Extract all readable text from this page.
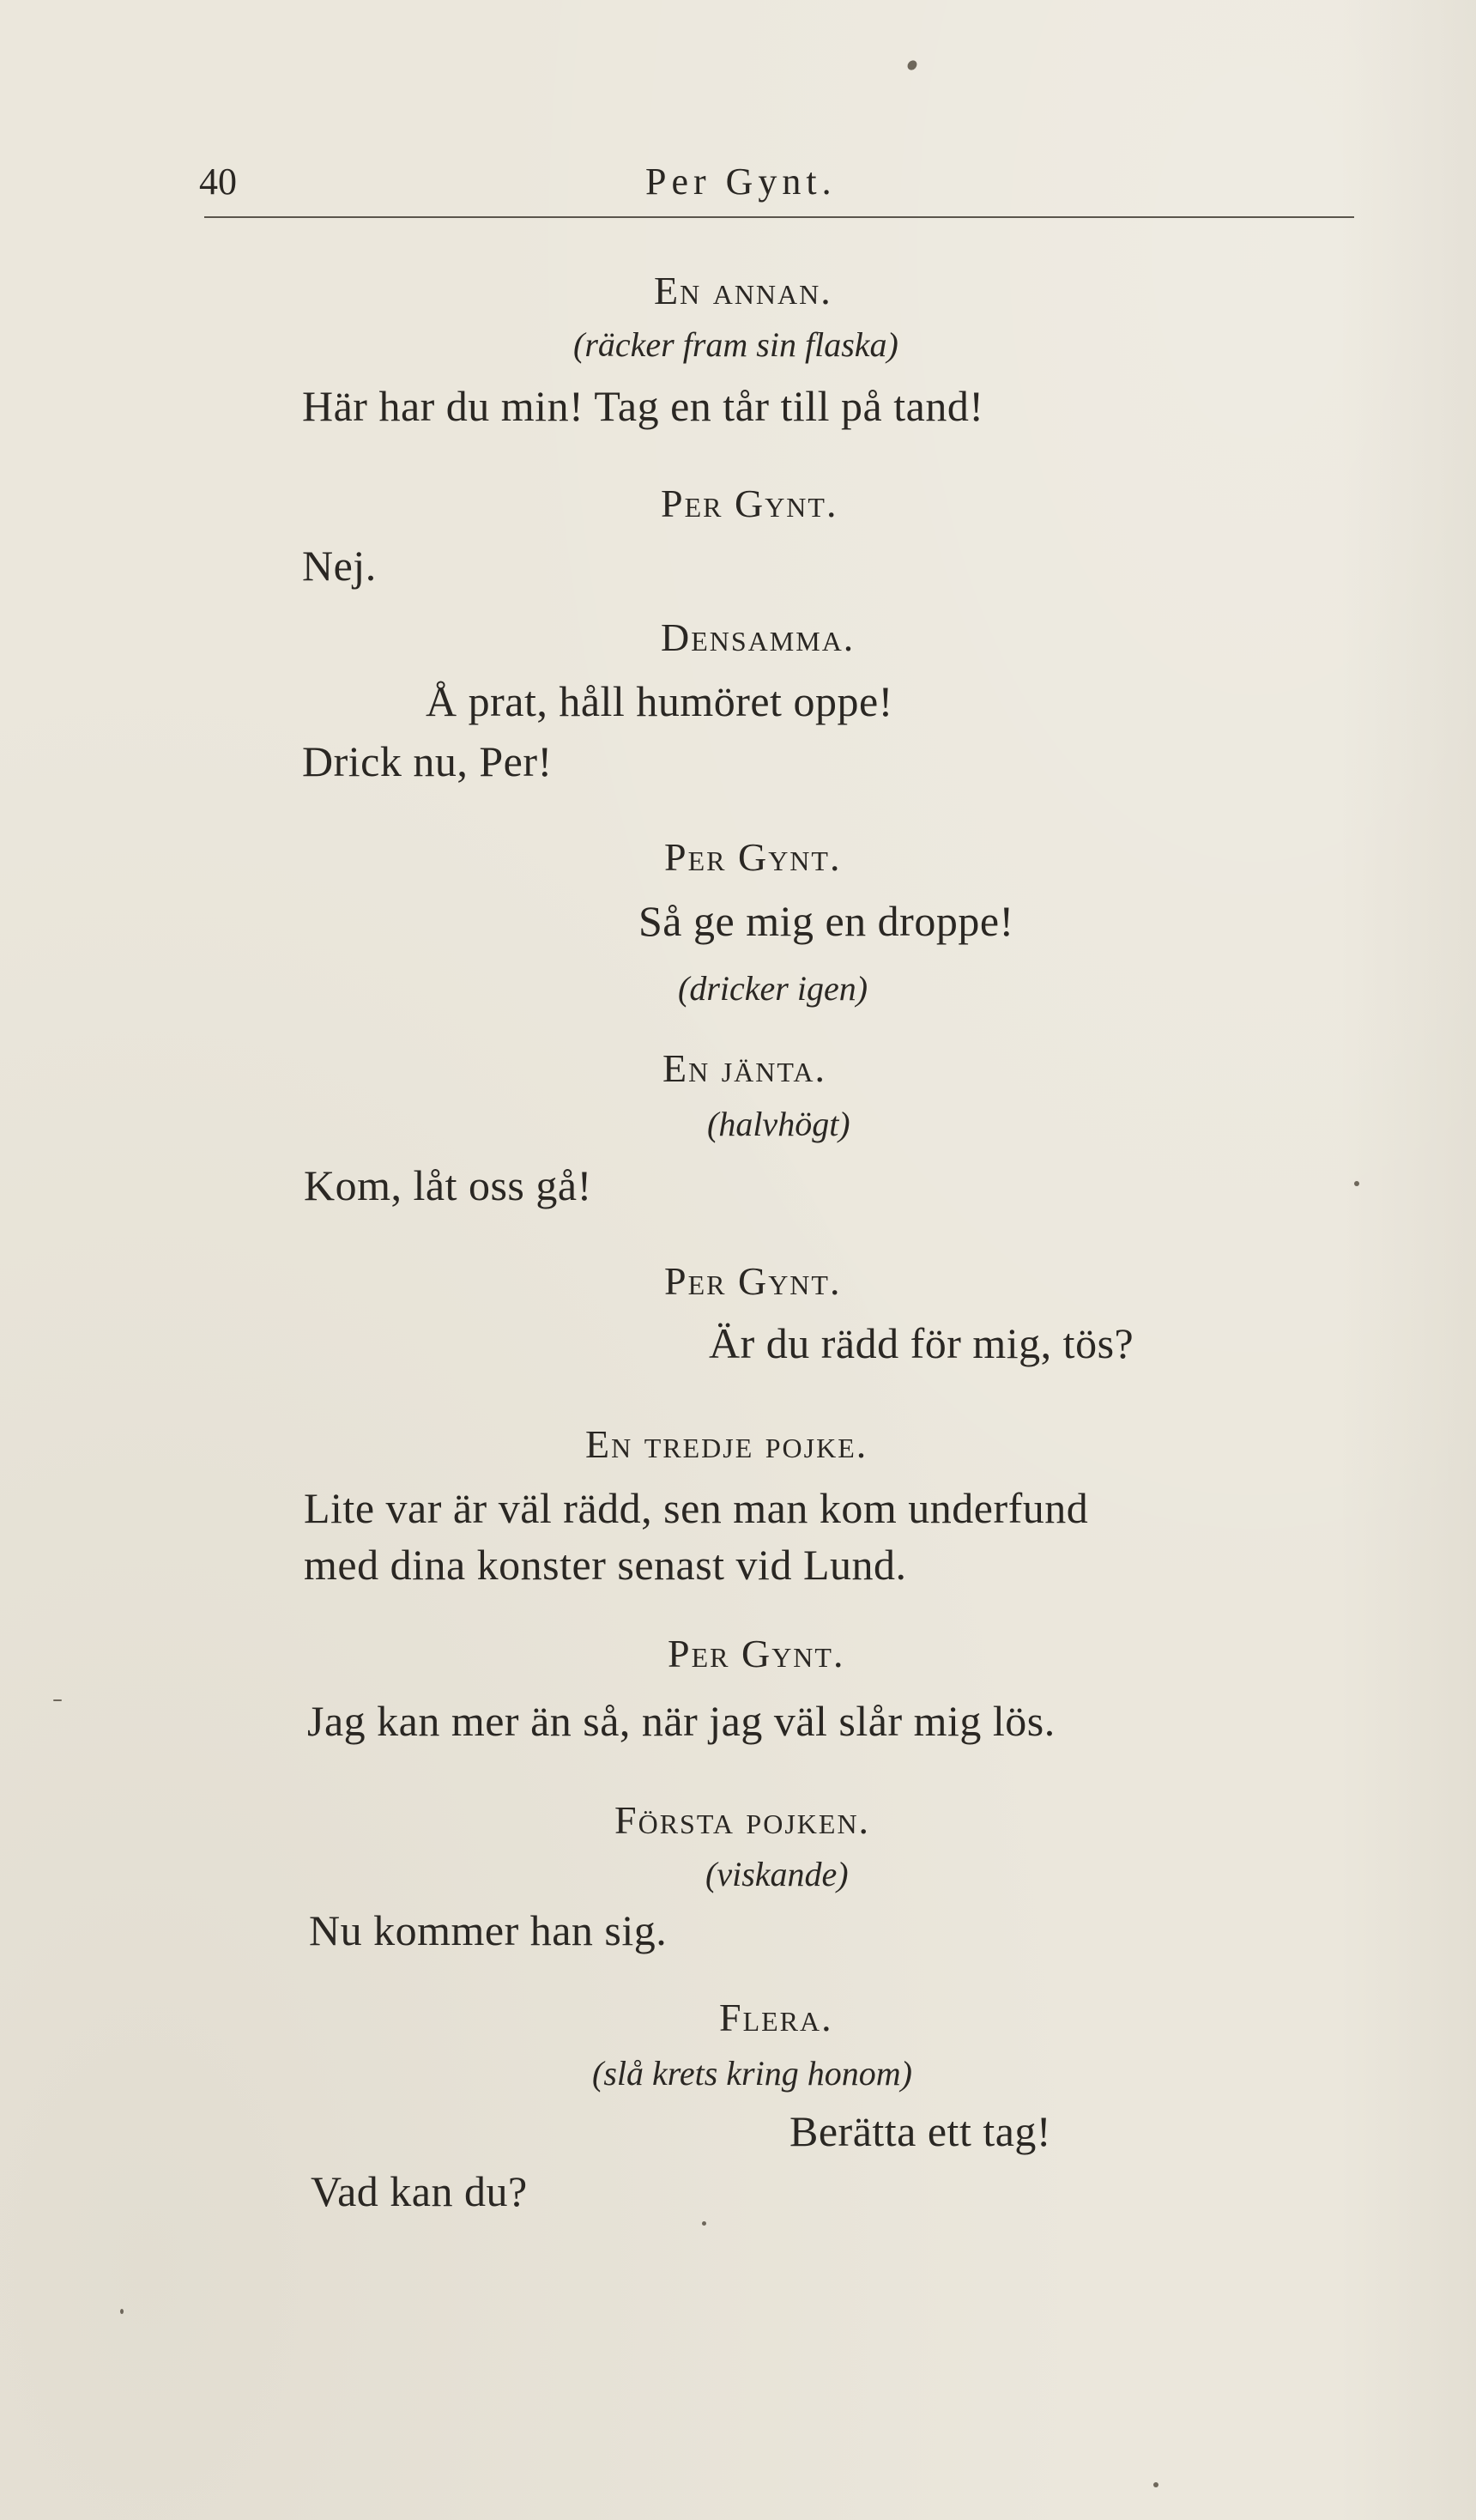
40	Per Gynt.
En annan.
(räcker fram sin flaska)
Här har du min! Tag en tår till på tand!
Per Gynt.
Nej.
Densamma.
Å prat, håll humöret oppe!
Drick nu, Per!
Per Gynt.
Så ge mig en droppe!
(dricker igen)
En jänta.
(halvhögt)
Kom, låt oss gå!
Per Gynt.
Är du rädd för mig, tös?
En tredje pojke.
Lite var är väl rädd, sen man kom underfund
med dina konster senast vid Lund.
Per Gynt.
Jag kan mer än så, när jag väl slår mig lös.
Första pojken.
(viskande)
Nu kommer han sig.
Flera.
(slå krets kring honom)
Berätta ett tag!
Vad kan du?
